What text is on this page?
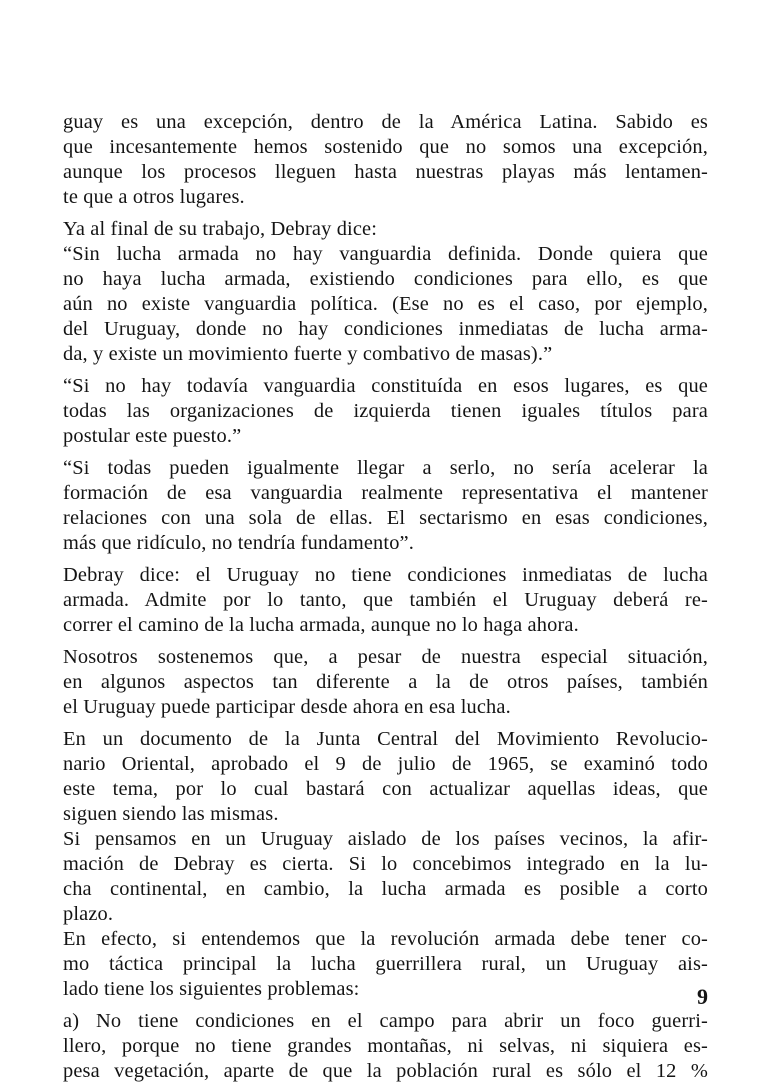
guay es una excepción, dentro de la América Latina. Sabido es
que incesantemente hemos sostenido que no somos una excepción,
aunque los procesos lleguen hasta nuestras playas más lentamen-
te que a otros lugares.
Ya al final de su trabajo, Debray dice:
“Sin lucha armada no hay vanguardia definida. Donde quiera que
no haya lucha armada, existiendo condiciones para ello, es que
aún no existe vanguardia política. (Ese no es el caso, por ejemplo,
del Uruguay, donde no hay condiciones inmediatas de lucha arma-
da, y existe un movimiento fuerte y combativo de masas).”
“Si no hay todavía vanguardia constituída en esos lugares, es que
todas las organizaciones de izquierda tienen iguales títulos para
postular este puesto.”
“Si todas pueden igualmente llegar a serlo, no sería acelerar la
formación de esa vanguardia realmente representativa el mantener
relaciones con una sola de ellas. El sectarismo en esas condiciones,
más que ridículo, no tendría fundamento”.
Debray dice: el Uruguay no tiene condiciones inmediatas de lucha
armada. Admite por lo tanto, que también el Uruguay deberá re-
correr el camino de la lucha armada, aunque no lo haga ahora.
Nosotros sostenemos que, a pesar de nuestra especial situación,
en algunos aspectos tan diferente a la de otros países, también
el Uruguay puede participar desde ahora en esa lucha.
En un documento de la Junta Central del Movimiento Revolucio-
nario Oriental, aprobado el 9 de julio de 1965, se examinó todo
este tema, por lo cual bastará con actualizar aquellas ideas, que
siguen siendo las mismas.
Si pensamos en un Uruguay aislado de los países vecinos, la afir-
mación de Debray es cierta. Si lo concebimos integrado en la lu-
cha continental, en cambio, la lucha armada es posible a corto
plazo.
En efecto, si entendemos que la revolución armada debe tener co-
mo táctica principal la lucha guerrillera rural, un Uruguay ais-
lado tiene los siguientes problemas:
a) No tiene condiciones en el campo para abrir un foco guerri-
llero, porque no tiene grandes montañas, ni selvas, ni siquiera es-
pesa vegetación, aparte de que la población rural es sólo el 12 %
9
